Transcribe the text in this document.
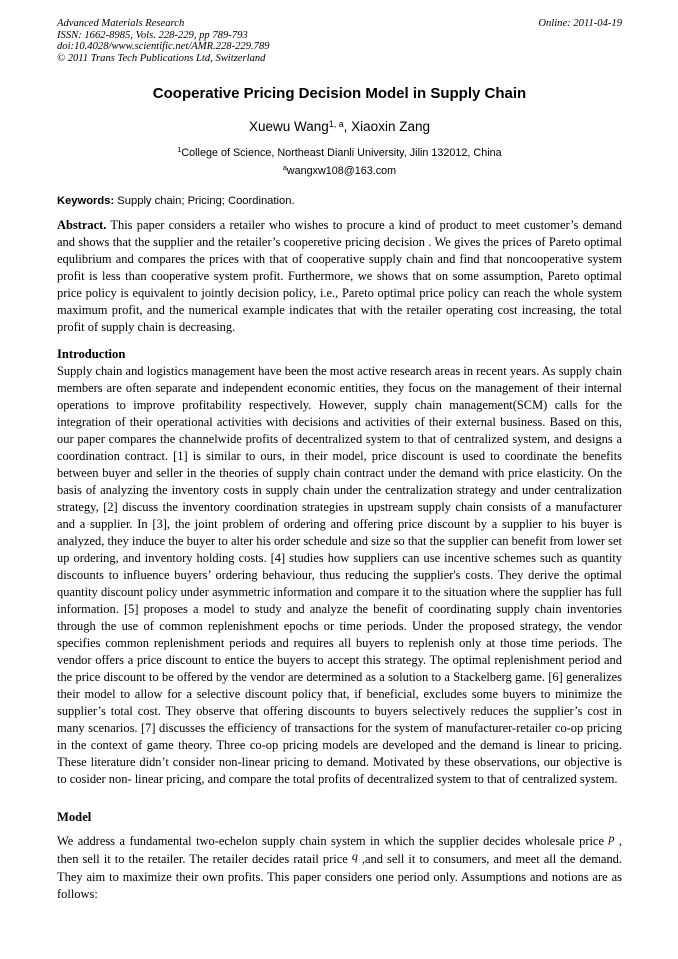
Advanced Materials Research
ISSN: 1662-8985, Vols. 228-229, pp 789-793
doi:10.4028/www.scientific.net/AMR.228-229.789
© 2011 Trans Tech Publications Ltd, Switzerland
Online: 2011-04-19
Cooperative Pricing Decision Model in Supply Chain
Xuewu Wang$^{1, a}$, Xiaoxin Zang
$^1$College of Science, Northeast Dianli University, Jilin 132012, China
$^a$wangxw108@163.com
Keywords: Supply chain; Pricing; Coordination.
Abstract. This paper considers a retailer who wishes to procure a kind of product to meet customer’s demand and shows that the supplier and the retailer’s cooperetive pricing decision . We gives the prices of Pareto optimal equlibrium and compares the prices with that of cooperative supply chain and find that noncooperative system profit is less than cooperative system profit. Furthermore, we shows that on some assumption, Pareto optimal price policy is equivalent to jointly decision policy, i.e., Pareto optimal price policy can reach the whole system maximum profit, and the numerical example indicates that with the retailer operating cost increasing, the total profit of supply chain is decreasing.
Introduction
Supply chain and logistics management have been the most active research areas in recent years. As supply chain members are often separate and independent economic entities, they focus on the management of their internal operations to improve profitability respectively. However, supply chain management(SCM) calls for the integration of their operational activities with decisions and activities of their external business. Based on this, our paper compares the channelwide profits of decentralized system to that of centralized system, and designs a coordination contract. [1] is similar to ours, in their model, price discount is used to coordinate the benefits between buyer and seller in the theories of supply chain contract under the demand with price elasticity. On the basis of analyzing the inventory costs in supply chain under the centralization strategy and under centralization strategy, [2] discuss the inventory coordination strategies in upstream supply chain consists of a manufacturer and a supplier. In [3], the joint problem of ordering and offering price discount by a supplier to his buyer is analyzed, they induce the buyer to alter his order schedule and size so that the supplier can benefit from lower set up ordering, and inventory holding costs. [4] studies how suppliers can use incentive schemes such as quantity discounts to influence buyers’ ordering behaviour, thus reducing the supplier's costs. They derive the optimal quantity discount policy under asymmetric information and compare it to the situation where the supplier has full information. [5] proposes a model to study and analyze the benefit of coordinating supply chain inventories through the use of common replenishment epochs or time periods. Under the proposed strategy, the vendor specifies common replenishment periods and requires all buyers to replenish only at those time periods. The vendor offers a price discount to entice the buyers to accept this strategy. The optimal replenishment period and the price discount to be offered by the vendor are determined as a solution to a Stackelberg game. [6] generalizes their model to allow for a selective discount policy that, if beneficial, excludes some buyers to minimize the supplier’s total cost. They observe that offering discounts to buyers selectively reduces the supplier’s cost in many scenarios. [7] discusses the efficiency of transactions for the system of manufacturer-retailer co-op pricing in the context of game theory. Three co-op pricing models are developed and the demand is linear to pricing. These literature didn’t consider non-linear pricing to demand. Motivated by these observations, our objective is to cosider non- linear pricing, and compare the total profits of decentralized system to that of centralized system.
Model
We address a fundamental two-echelon supply chain system in which the supplier decides wholesale price p , then sell it to the retailer. The retailer decides ratail price q ,and sell it to consumers, and meet all the demand. They aim to maximize their own profits. This paper considers one period only. Assumptions and notions are as follows:
